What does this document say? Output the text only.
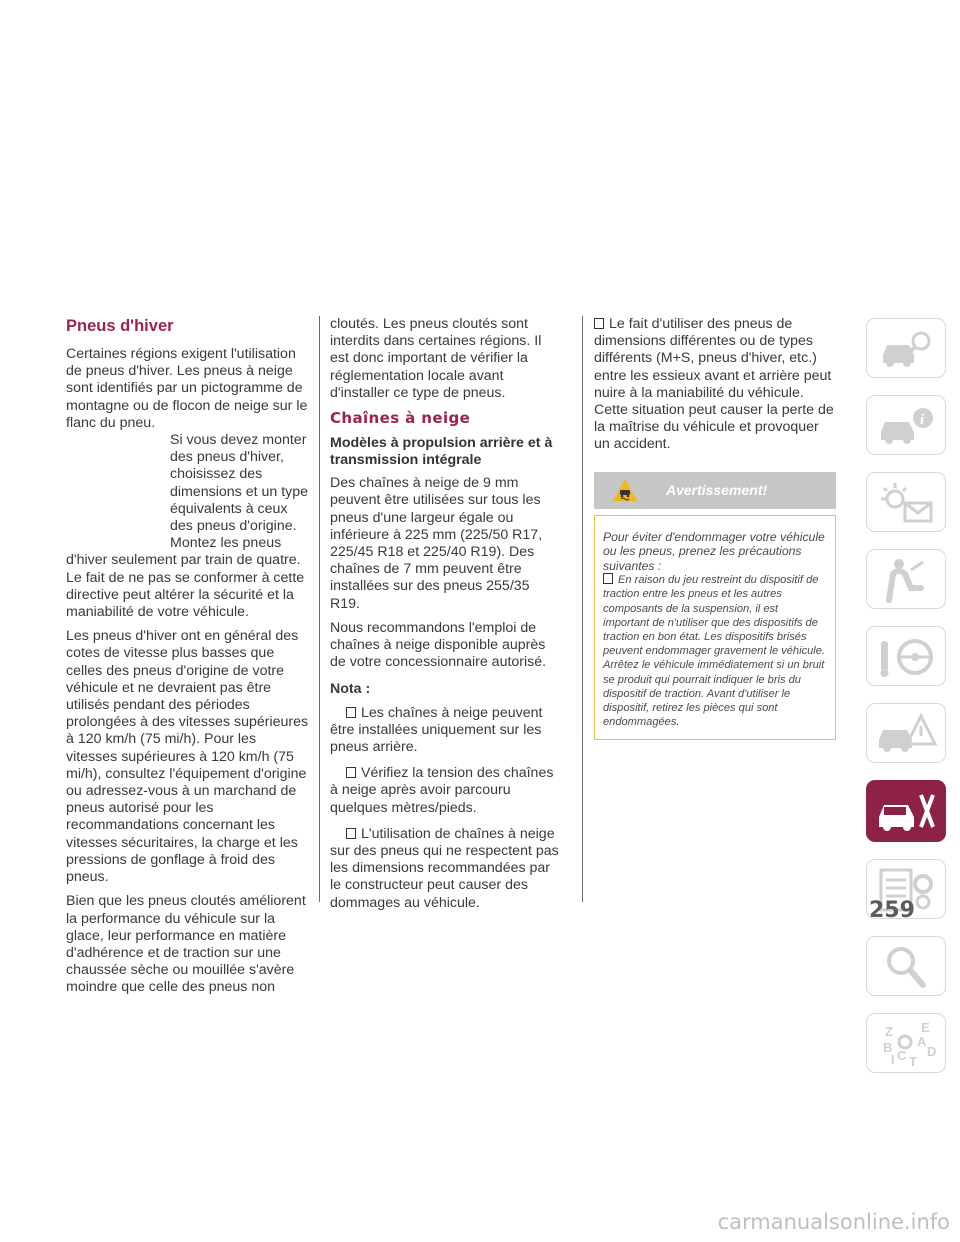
Pneus d'hiver

Certaines régions exigent l'utilisation de pneus d'hiver. Les pneus à neige sont identifiés par un pictogramme de montagne ou de flocon de neige sur le flanc du pneu.

Si vous devez monter des pneus d'hiver, choisissez des dimensions et un type équivalents à ceux des pneus d'origine. Montez les pneus
d'hiver seulement par train de quatre. Le fait de ne pas se conformer à cette directive peut altérer la sécurité et la maniabilité de votre véhicule.

Les pneus d'hiver ont en général des cotes de vitesse plus basses que celles des pneus d'origine de votre véhicule et ne devraient pas être utilisés pendant des périodes prolongées à des vitesses supérieures à 120 km/h (75 mi/h). Pour les vitesses supérieures à 120 km/h (75 mi/h), consultez l'équipement d'origine ou adressez-vous à un marchand de pneus autorisé pour les recommandations concernant les vitesses sécuritaires, la charge et les pressions de gonflage à froid des pneus.

Bien que les pneus cloutés améliorent la performance du véhicule sur la glace, leur performance en matière d'adhérence et de traction sur une chaussée sèche ou mouillée s'avère moindre que celle des pneus non

cloutés. Les pneus cloutés sont interdits dans certaines régions. Il est donc important de vérifier la réglementation locale avant d'installer ce type de pneus.

Chaînes à neige
Modèles à propulsion arrière et à transmission intégrale

Des chaînes à neige de 9 mm peuvent être utilisées sur tous les pneus d'une largeur égale ou inférieure à 225 mm (225/50 R17, 225/45 R18 et 225/40 R19). Des chaînes de 7 mm peuvent être installées sur des pneus 255/35 R19.

Nous recommandons l'emploi de chaînes à neige disponible auprès de votre concessionnaire autorisé.

Nota :
Les chaînes à neige peuvent être installées uniquement sur les pneus arrière.
Vérifiez la tension des chaînes à neige après avoir parcouru quelques mètres/pieds.
L'utilisation de chaînes à neige sur des pneus qui ne respectent pas les dimensions recommandées par le constructeur peut causer des dommages au véhicule.
Le fait d'utiliser des pneus de dimensions différentes ou de types différents (M+S, pneus d'hiver, etc.) entre les essieux avant et arrière peut nuire à la maniabilité du véhicule. Cette situation peut causer la perte de la maîtrise du véhicule et provoquer un accident.
Avertissement!

Pour éviter d'endommager votre véhicule ou les pneus, prenez les précautions suivantes :

En raison du jeu restreint du dispositif de traction entre les pneus et les autres composants de la suspension, il est important de n'utiliser que des dispositifs de traction en bon état. Les dispositifs brisés peuvent endommager gravement le véhicule. Arrêtez le véhicule immédiatement si un bruit se produit qui pourrait indiquer le bris du dispositif de traction. Avant d'utiliser le dispositif, retirez les pièces qui sont endommagées.

i
Z E
A
B	D
C T
I
259
carmanualsonline.info
